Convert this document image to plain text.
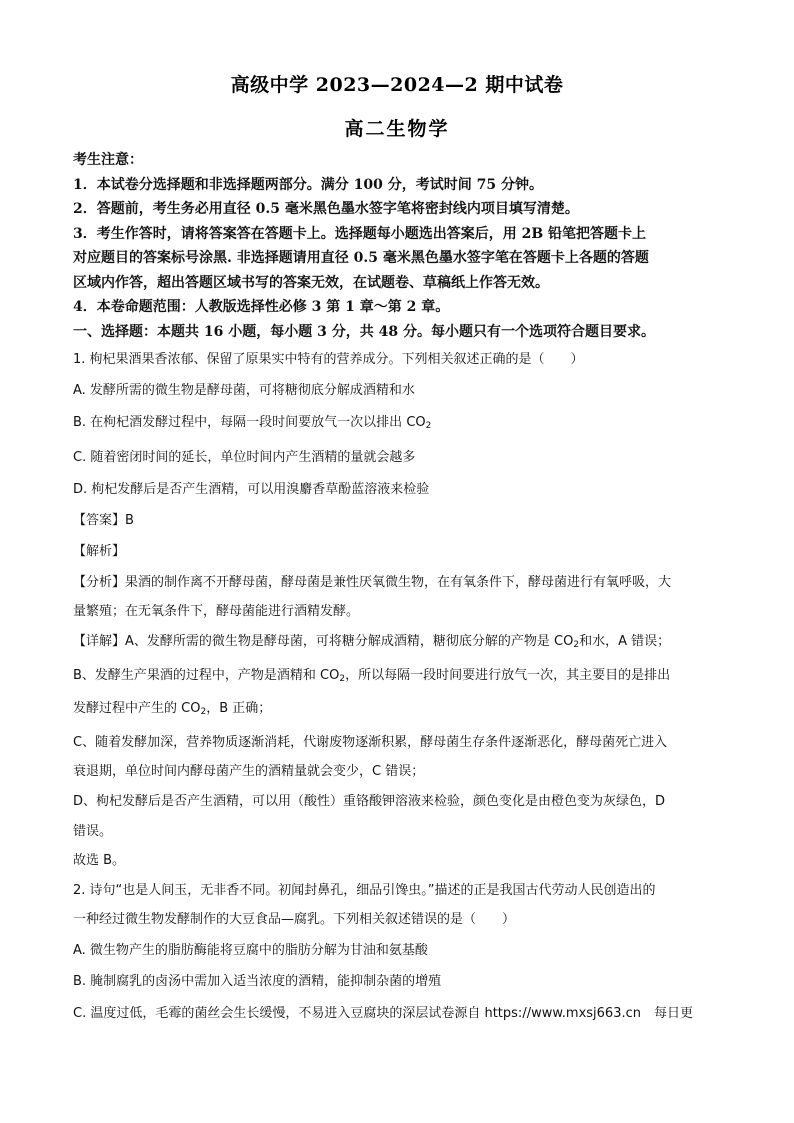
高级中学 2023—2024—2 期中试卷
高二生物学
考生注意：
1．本试卷分选择题和非选择题两部分。满分 100 分，考试时间 75 分钟。
2．答题前，考生务必用直径 0.5 毫米黑色墨水签字笔将密封线内项目填写清楚。
3．考生作答时，请将答案答在答题卡上。选择题每小题选出答案后，用 2B 铅笔把答题卡上
对应题目的答案标号涂黑. 非选择题请用直径 0.5 毫米黑色墨水签字笔在答题卡上各题的答题
区域内作答，超出答题区域书写的答案无效，在试题卷、草稿纸上作答无效。
4．本卷命题范围：人教版选择性必修 3 第 1 章～第 2 章。
一、选择题：本题共 16 小题，每小题 3 分，共 48 分。每小题只有一个选项符合题目要求。
1. 枸杞果酒果香浓郁、保留了原果实中特有的营养成分。下列相关叙述正确的是（　　）
A. 发酵所需的微生物是酵母菌，可将糖彻底分解成酒精和水
B. 在枸杞酒发酵过程中，每隔一段时间要放气一次以排出 $CO_2$
C. 随着密闭时间的延长，单位时间内产生酒精的量就会越多
D. 枸杞发酵后是否产生酒精，可以用溴麝香草酚蓝溶液来检验
【答案】B
【解析】
【分析】果酒的制作离不开酵母菌，酵母菌是兼性厌氧微生物，在有氧条件下，酵母菌进行有氧呼吸，大
量繁殖；在无氧条件下，酵母菌能进行酒精发酵。
【详解】A、发酵所需的微生物是酵母菌，可将糖分解成酒精，糖彻底分解的产物是 $CO_2$和水，A 错误；
B、发酵生产果酒的过程中，产物是酒精和 $CO_2$，所以每隔一段时间要进行放气一次，其主要目的是排出
发酵过程中产生的 $CO_2$，B 正确；
C、随着发酵加深，营养物质逐渐消耗，代谢废物逐渐积累，酵母菌生存条件逐渐恶化，酵母菌死亡进入
衰退期，单位时间内酵母菌产生的酒精量就会变少，C 错误；
D、枸杞发酵后是否产生酒精，可以用（酸性）重铬酸钾溶液来检验，颜色变化是由橙色变为灰绿色，D
错误。
故选 B。
2. 诗句“也是人间玉，无非香不同。初闻封鼻孔，细品引馋虫。”描述的正是我国古代劳动人民创造出的
一种经过微生物发酵制作的大豆食品—腐乳。下列相关叙述错误的是（　　）
A. 微生物产生的脂肪酶能将豆腐中的脂肪分解为甘油和氨基酸
B. 腌制腐乳的卤汤中需加入适当浓度的酒精，能抑制杂菌的增殖
C. 温度过低，毛霉的菌丝会生长缓慢，不易进入豆腐块的深层试卷源自 https://www.mxsj663.cn　每日更
